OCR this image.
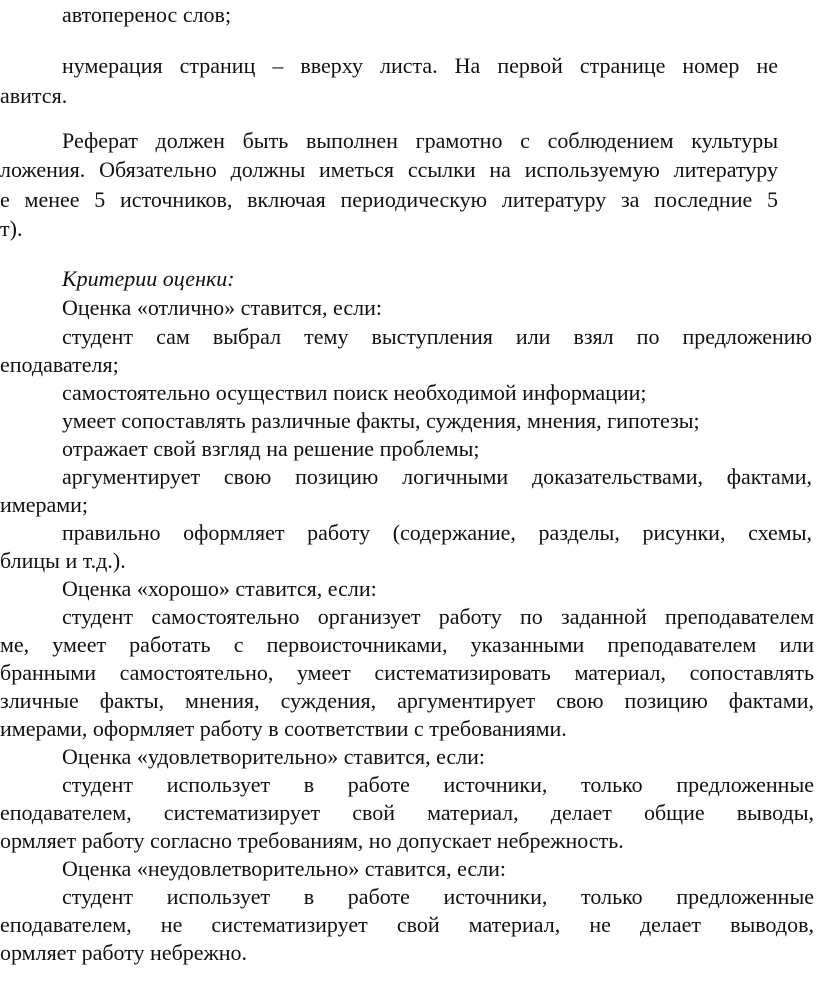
автоперенос слов;
нумерация страниц – вверху листа. На первой странице номер не
авится.
Реферат должен быть выполнен грамотно с соблюдением культуры
ложения. Обязательно должны иметься ссылки на используемую литературу
е менее 5 источников, включая периодическую литературу за последние 5
т).
Критерии оценки:
Оценка «отлично» ставится, если:
студент сам выбрал тему выступления или взял по предложению
еподавателя;
самостоятельно осуществил поиск необходимой информации;
умеет сопоставлять различные факты, суждения, мнения, гипотезы;
отражает свой взгляд на решение проблемы;
аргументирует свою позицию логичными доказательствами, фактами,
имерами;
правильно оформляет работу (содержание, разделы, рисунки, схемы,
блицы и т.д.).
Оценка «хорошо» ставится, если:
студент самостоятельно организует работу по заданной преподавателем
ме, умеет работать с первоисточниками, указанными преподавателем или
бранными самостоятельно, умеет систематизировать материал, сопоставлять
зличные факты, мнения, суждения, аргументирует свою позицию фактами,
имерами, оформляет работу в соответствии с требованиями.
Оценка «удовлетворительно» ставится, если:
студент использует в работе источники, только предложенные
еподавателем, систематизирует свой материал, делает общие выводы,
ормляет работу согласно требованиям, но допускает небрежность.
Оценка «неудовлетворительно» ставится, если:
студент использует в работе источники, только предложенные
еподавателем, не систематизирует свой материал, не делает выводов,
ормляет работу небрежно.
